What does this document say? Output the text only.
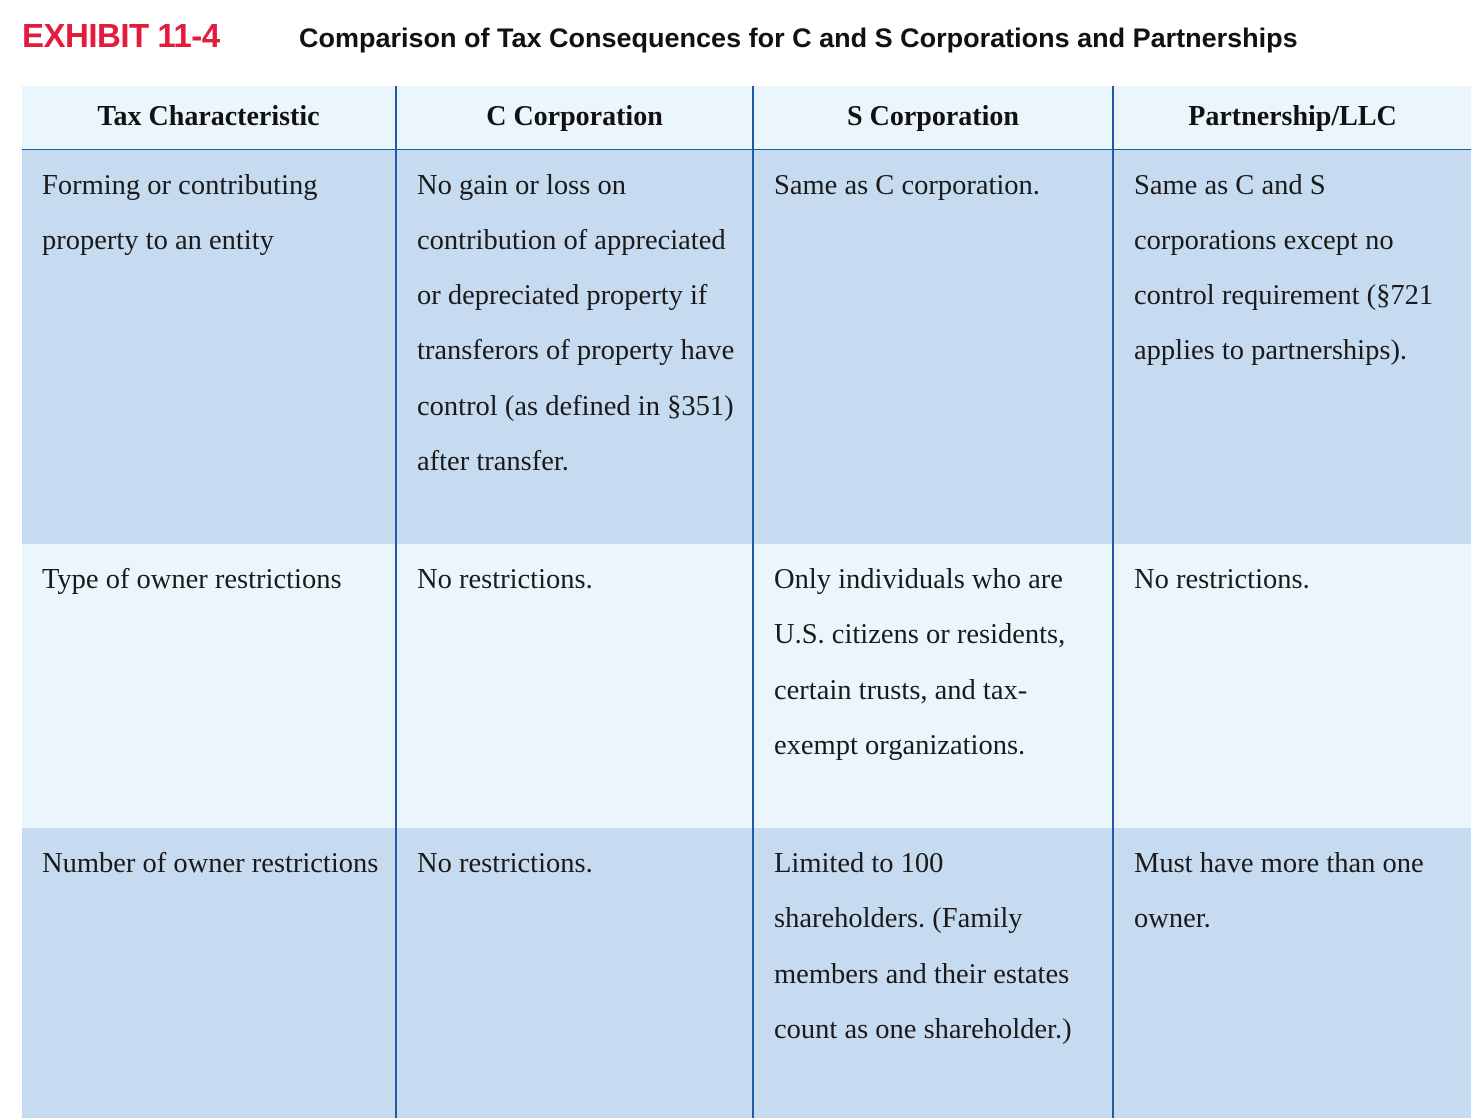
EXHIBIT 11-4	Comparison of Tax Consequences for C and S Corporations and Partnerships
Tax Characteristic	C Corporation	S Corporation	Partnership/LLC
Forming or contributing property to an entity	No gain or loss on contribution of appreciated or depreciated property if transferors of property have control (as defined in §351) after transfer.	Same as C corporation.	Same as C and S corporations except no control requirement (§721 applies to partnerships).
Type of owner restrictions	No restrictions.	Only individuals who are U.S. citizens or residents, certain trusts, and tax-exempt organizations.	No restrictions.
Number of owner restrictions	No restrictions.	Limited to 100 shareholders. (Family members and their estates count as one shareholder.)	Must have more than one owner.
